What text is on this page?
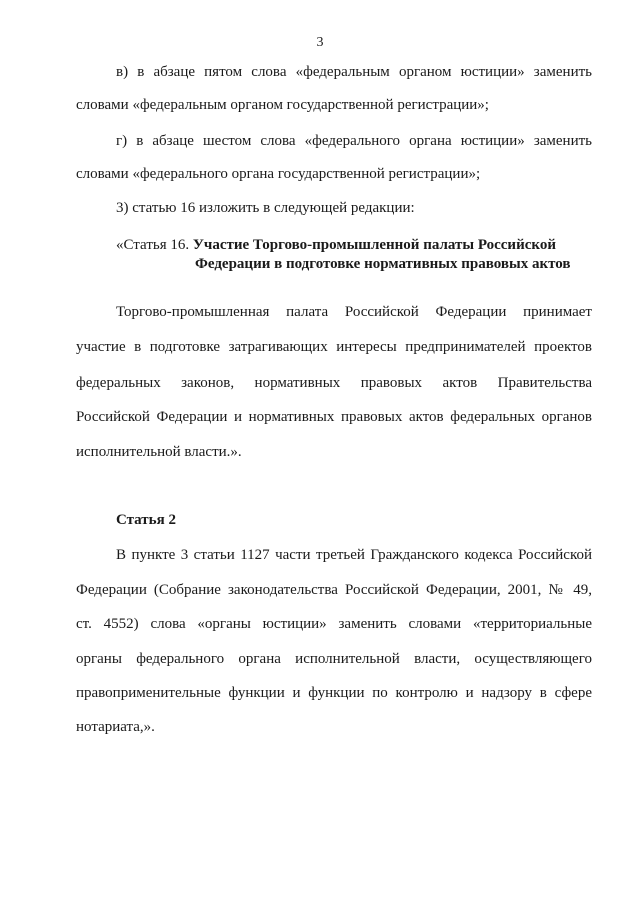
3

в) в абзаце пятом слова «федеральным органом юстиции» заменить

словами «федеральным органом государственной регистрации»;

г) в абзаце шестом слова «федерального органа юстиции» заменить

словами «федерального органа государственной регистрации»;

3) статью 16 изложить в следующей редакции:

«Статья 16. Участие Торгово-промышленной палаты Российской

Федерации в подготовке нормативных правовых актов

Торгово-промышленная палата Российской Федерации принимает

участие в подготовке затрагивающих интересы предпринимателей проектов

федеральных законов, нормативных правовых актов Правительства

Российской Федерации и нормативных правовых актов федеральных органов

исполнительной власти.».

Статья 2

В пункте 3 статьи 1127 части третьей Гражданского кодекса Российской

Федерации (Собрание законодательства Российской Федерации, 2001, № 49,

ст. 4552) слова «органы юстиции» заменить словами «территориальные

органы федерального органа исполнительной власти, осуществляющего

правоприменительные функции и функции по контролю и надзору в сфере

нотариата,».
